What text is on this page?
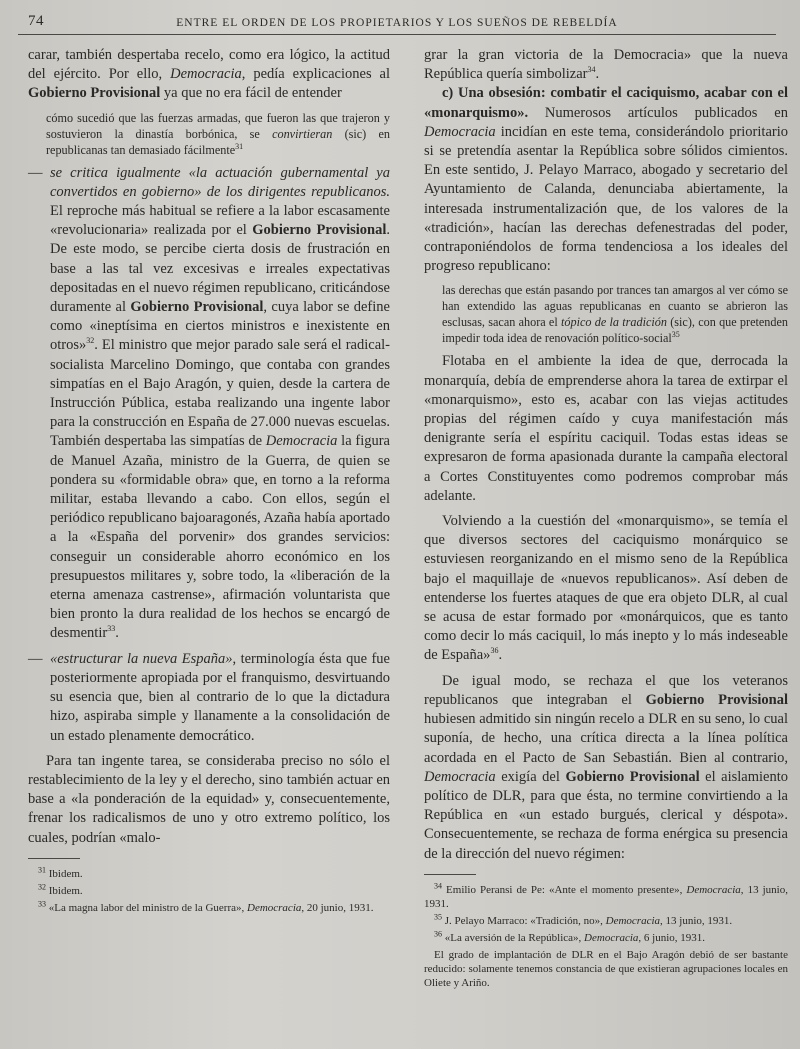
74	ENTRE EL ORDEN DE LOS PROPIETARIOS Y LOS SUEÑOS DE REBELDÍA

carar, también despertaba recelo, como era lógico, la actitud del ejército. Por ello, Democracia, pedía explicaciones al Gobierno Provisional ya que no era fácil de entender

cómo sucedió que las fuerzas armadas, que fueron las que trajeron y sostuvieron la dinastía borbónica, se convirtieran (sic) en republicanas tan demasiado fácilmente$^{31}$

— se critica igualmente «la actuación gubernamental ya convertidos en gobierno» de los dirigentes republicanos. El reproche más habitual se refiere a la labor escasamente «revolucionaria» realizada por el Gobierno Provisional. De este modo, se percibe cierta dosis de frustración en base a las tal vez excesivas e irreales expectativas depositadas en el nuevo régimen republicano, criticándose duramente al Gobierno Provisional, cuya labor se define como «ineptísima en ciertos ministros e inexistente en otros»$^{32}$. El ministro que mejor parado sale será el radical-socialista Marcelino Domingo, que contaba con grandes simpatías en el Bajo Aragón, y quien, desde la cartera de Instrucción Pública, estaba realizando una ingente labor para la construcción en España de 27.000 nuevas escuelas. También despertaba las simpatías de Democracia la figura de Manuel Azaña, ministro de la Guerra, de quien se pondera su «formidable obra» que, en torno a la reforma militar, estaba llevando a cabo. Con ellos, según el periódico republicano bajoaragonés, Azaña había aportado a la «España del porvenir» dos grandes servicios: conseguir un considerable ahorro económico en los presupuestos militares y, sobre todo, la «liberación de la eterna amenaza castrense», afirmación voluntarista que bien pronto la dura realidad de los hechos se encargó de desmentir$^{33}$.

— «estructurar la nueva España», terminología ésta que fue posteriormente apropiada por el franquismo, desvirtuando su esencia que, bien al contrario de lo que la dictadura hizo, aspiraba simple y llanamente a la consolidación de un estado plenamente democrático.

Para tan ingente tarea, se consideraba preciso no sólo el restablecimiento de la ley y el derecho, sino también actuar en base a «la ponderación de la equidad» y, consecuentemente, frenar los radicalismos de uno y otro extremo político, los cuales, podrían «malo-

$^{31}$ Ibidem.

$^{32}$ Ibidem.

$^{33}$ «La magna labor del ministro de la Guerra», Democracia, 20 junio, 1931.

grar la gran victoria de la Democracia» que la nueva República quería simbolizar$^{34}$.

c) Una obsesión: combatir el caciquismo, acabar con el «monarquismo». Numerosos artículos publicados en Democracia incidían en este tema, considerándolo prioritario si se pretendía asentar la República sobre sólidos cimientos. En este sentido, J. Pelayo Marraco, abogado y secretario del Ayuntamiento de Calanda, denunciaba abiertamente, la interesada instrumentalización que, de los valores de la «tradición», hacían las derechas defenestradas del poder, contraponiéndolos de forma tendenciosa a los ideales del progreso republicano:

las derechas que están pasando por trances tan amargos al ver cómo se han extendido las aguas republicanas en cuanto se abrieron las esclusas, sacan ahora el tópico de la tradición (sic), con que pretenden impedir toda idea de renovación político-social$^{35}$

Flotaba en el ambiente la idea de que, derrocada la monarquía, debía de emprenderse ahora la tarea de extirpar el «monarquismo», esto es, acabar con las viejas actitudes propias del régimen caído y cuya manifestación más denigrante sería el espíritu caciquil. Todas estas ideas se expresaron de forma apasionada durante la campaña electoral a Cortes Constituyentes como podremos comprobar más adelante.

Volviendo a la cuestión del «monarquismo», se temía el que diversos sectores del caciquismo monárquico se estuviesen reorganizando en el mismo seno de la República bajo el maquillaje de «nuevos republicanos». Así deben de entenderse los fuertes ataques de que era objeto DLR, al cual se acusa de estar formado por «monárquicos, que es tanto como decir lo más caciquil, lo más inepto y lo más indeseable de España»$^{36}$.

De igual modo, se rechaza el que los veteranos republicanos que integraban el Gobierno Provisional hubiesen admitido sin ningún recelo a DLR en su seno, lo cual suponía, de hecho, una crítica directa a la línea política acordada en el Pacto de San Sebastián. Bien al contrario, Democracia exigía del Gobierno Provisional el aislamiento político de DLR, para que ésta, no termine convirtiendo a la República en «un estado burgués, clerical y déspota». Consecuentemente, se rechaza de forma enérgica su presencia de la dirección del nuevo régimen:

$^{34}$ Emilio Peransi de Pe: «Ante el momento presente», Democracia, 13 junio, 1931.

$^{35}$ J. Pelayo Marraco: «Tradición, no», Democracia, 13 junio, 1931.

$^{36}$ «La aversión de la República», Democracia, 6 junio, 1931.

El grado de implantación de DLR en el Bajo Aragón debió de ser bastante reducido: solamente tenemos constancia de que existieran agrupaciones locales en Oliete y Ariño.
